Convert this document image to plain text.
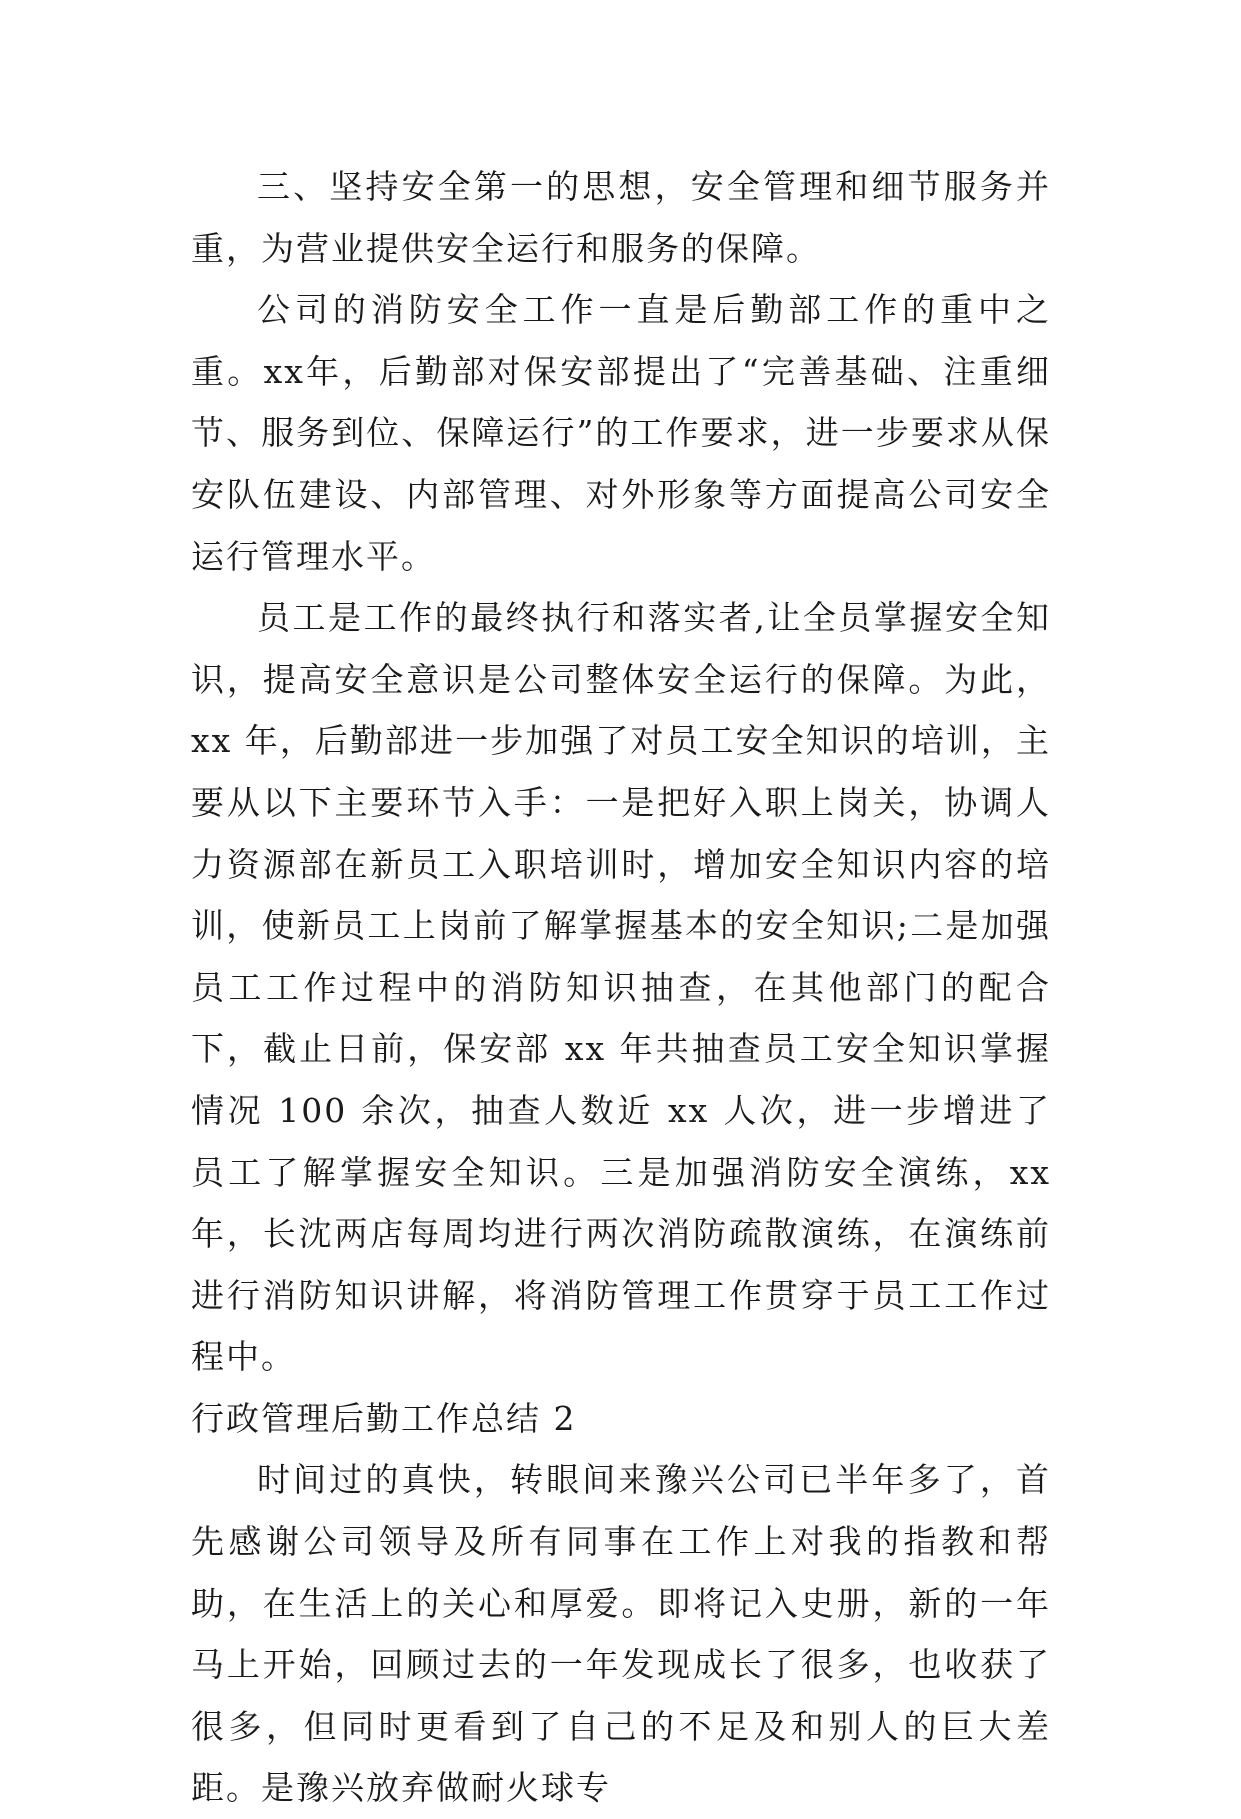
三、坚持安全第一的思想，安全管理和细节服务并重，为营业提供安全运行和服务的保障。

公司的消防安全工作一直是后勤部工作的重中之重。xx年，后勤部对保安部提出了“完善基础、注重细节、服务到位、保障运行”的工作要求，进一步要求从保安队伍建设、内部管理、对外形象等方面提高公司安全运行管理水平。

员工是工作的最终执行和落实者,让全员掌握安全知识，提高安全意识是公司整体安全运行的保障。为此，xx 年，后勤部进一步加强了对员工安全知识的培训，主要从以下主要环节入手：一是把好入职上岗关，协调人力资源部在新员工入职培训时，增加安全知识内容的培训，使新员工上岗前了解掌握基本的安全知识;二是加强员工工作过程中的消防知识抽查，在其他部门的配合下，截止日前，保安部 xx 年共抽查员工安全知识掌握情况 100 余次，抽查人数近 xx 人次，进一步增进了员工了解掌握安全知识。三是加强消防安全演练，xx 年，长沈两店每周均进行两次消防疏散演练，在演练前进行消防知识讲解，将消防管理工作贯穿于员工工作过程中。

行政管理后勤工作总结 2

时间过的真快，转眼间来豫兴公司已半年多了，首先感谢公司领导及所有同事在工作上对我的指教和帮助，在生活上的关心和厚爱。即将记入史册，新的一年马上开始，回顾过去的一年发现成长了很多，也收获了很多，但同时更看到了自己的不足及和别人的巨大差距。是豫兴放弃做耐火球专
